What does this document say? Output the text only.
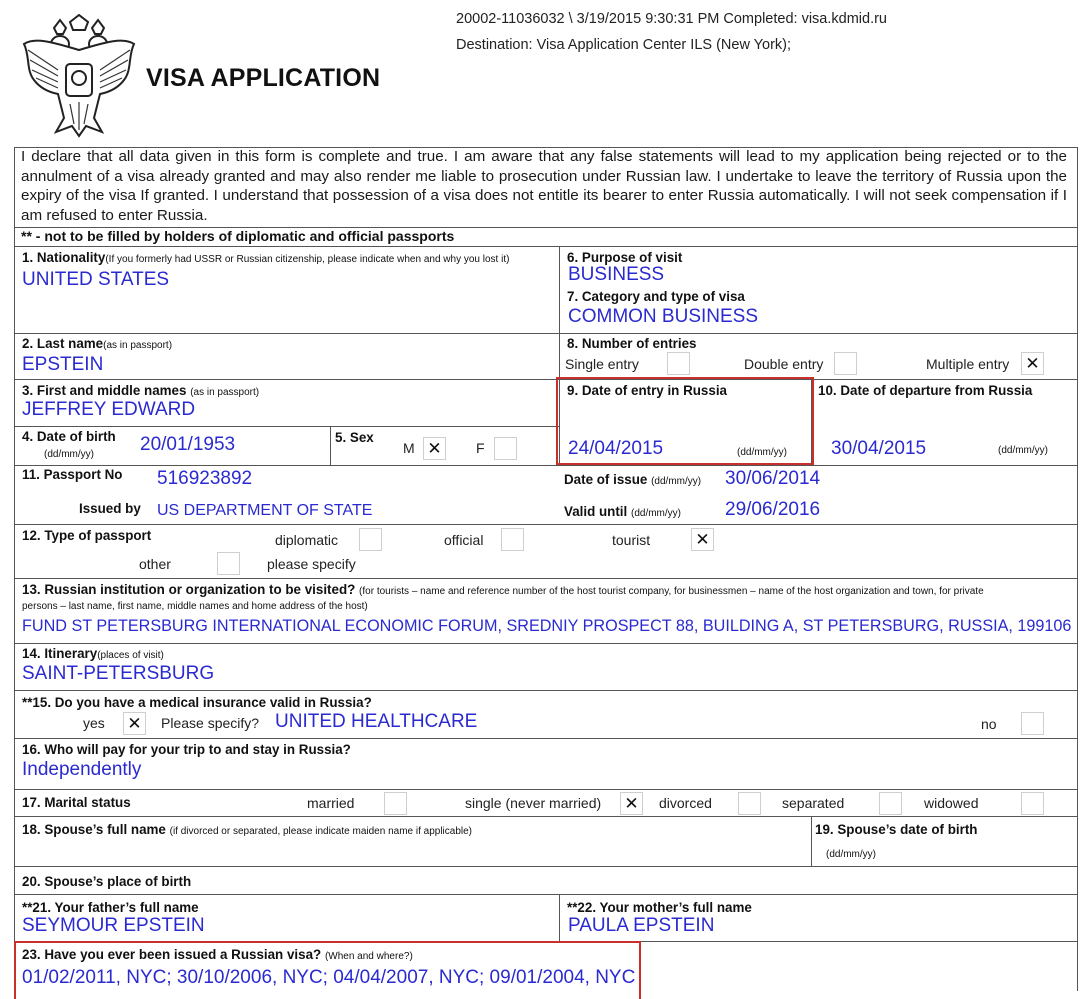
20002-11036032 \ 3/19/2015 9:30:31 PM Completed: visa.kdmid.ru
Destination: Visa Application Center ILS (New York);
VISA APPLICATION
I declare that all data given in this form is complete and true. I am aware that any false statements will lead to my application being rejected or to the annulment of a visa already granted and may also render me liable to prosecution under Russian law. I undertake to leave the territory of Russia upon the expiry of the visa If granted. I understand that possession of a visa does not entitle its bearer to enter Russia automatically. I will not seek compensation if I am refused to enter Russia.
** - not to be filled by holders of diplomatic and official passports
1. Nationality(If you formerly had USSR or Russian citizenship, please indicate when and why you lost it)
UNITED STATES
6. Purpose of visit
BUSINESS
7. Category and type of visa
COMMON BUSINESS
2. Last name(as in passport)
EPSTEIN
8. Number of entries
Single entry	Double entry	Multiple entry ✕
3. First and middle names (as in passport)
JEFFREY EDWARD
9. Date of entry in Russia
24/04/2015	(dd/mm/yy)
10. Date of departure from Russia
30/04/2015	(dd/mm/yy)
4. Date of birth
(dd/mm/yy) 20/01/1953	5. Sex
M ✕	F
11. Passport No 516923892
Issued by US DEPARTMENT OF STATE
Date of issue (dd/mm/yy) 30/06/2014
Valid until (dd/mm/yy) 29/06/2016
12. Type of passport	diplomatic	official	tourist	✕
other	please specify
13. Russian institution or organization to be visited? (for tourists – name and reference number of the host tourist company, for businessmen – name of the host organization and town, for private
persons – last name, first name, middle names and home address of the host)
FUND ST PETERSBURG INTERNATIONAL ECONOMIC FORUM, SREDNIY PROSPECT 88, BUILDING A, ST PETERSBURG, RUSSIA, 199106
14. Itinerary(places of visit)
SAINT-PETERSBURG
**15. Do you have a medical insurance valid in Russia?
yes ✕	Please specify? UNITED HEALTHCARE	no
16. Who will pay for your trip to and stay in Russia?
Independently
17. Marital status	married	single (never married) ✕	divorced	separated	widowed
18. Spouse’s full name (if divorced or separated, please indicate maiden name if applicable)	19. Spouse’s date of birth
(dd/mm/yy)
20. Spouse’s place of birth
**21. Your father’s full name
SEYMOUR EPSTEIN
**22. Your mother’s full name
PAULA EPSTEIN
23. Have you ever been issued a Russian visa? (When and where?)
01/02/2011, NYC; 30/10/2006, NYC; 04/04/2007, NYC; 09/01/2004, NYC
